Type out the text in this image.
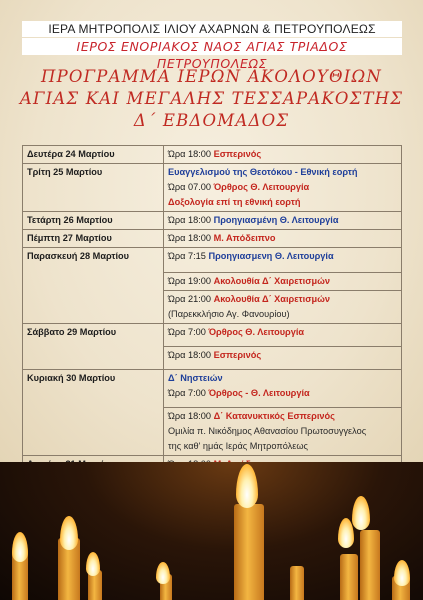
ΙΕΡΑ ΜΗΤΡΟΠΟΛΙΣ ΙΛΙΟΥ ΑΧΑΡΝΩΝ & ΠΕΤΡΟΥΠΟΛΕΩΣ
ΙΕΡΟΣ ΕΝΟΡΙΑΚΟΣ ΝΑΟΣ ΑΓΙΑΣ ΤΡΙΑΔΟΣ ΠΕΤΡΟΥΠΟΛΕΩΣ
ΠΡΟΓΡΑΜΜΑ ΙΕΡΩΝ ΑΚΟΛΟΥΘΙΩΝ
ΑΓΙΑΣ ΚΑΙ ΜΕΓΑΛΗΣ ΤΕΣΣΑΡΑΚΟΣΤΗΣ
Δ΄ ΕΒΔΟΜΑΔΟΣ
Δευτέρα 24 Μαρτίου	Ώρα 18:00 Εσπερινός
Τρίτη 25 Μαρτίου	Ευαγγελισμού της Θεοτόκου - Εθνική εορτή
Ώρα 07.00 Όρθρος Θ. Λειτουργία
Δοξολογία επί τη εθνική εορτή

Τετάρτη 26 Μαρτίου	Ώρα 18:00 Προηγιασμένη Θ. Λειτουργία
Πέμπτη 27 Μαρτίου	Ώρα 18:00 Μ. Απόδειπνο
Παρασκευή 28 Μαρτίου	Ώρα 7:15 Προηγιασμενη Θ. Λειτουργία
	Ώρα 19:00 Ακολουθία Δ΄ Χαιρετισμών
	Ώρα 21:00 Ακολουθία Δ΄ Χαιρετισμών
(Παρεκκλήσιο Αγ. Φανουρίου)

Σάββατο 29 Μαρτίου	Ώρα 7:00 Όρθρος Θ. Λειτουργία
	Ώρα 18:00 Εσπερινός
Κυριακή 30 Μαρτίου	Δ΄ Νηστειών
Ώρα 7:00 Όρθρος - Θ. Λειτουργία
	Ώρα 18:00 Δ΄ Κατανυκτικός Εσπερινός
Ομιλία π. Νικόδημος Αθανασίου Πρωτοσυγγελος
της καθ' ημάς Ιεράς Μητροπόλεως
